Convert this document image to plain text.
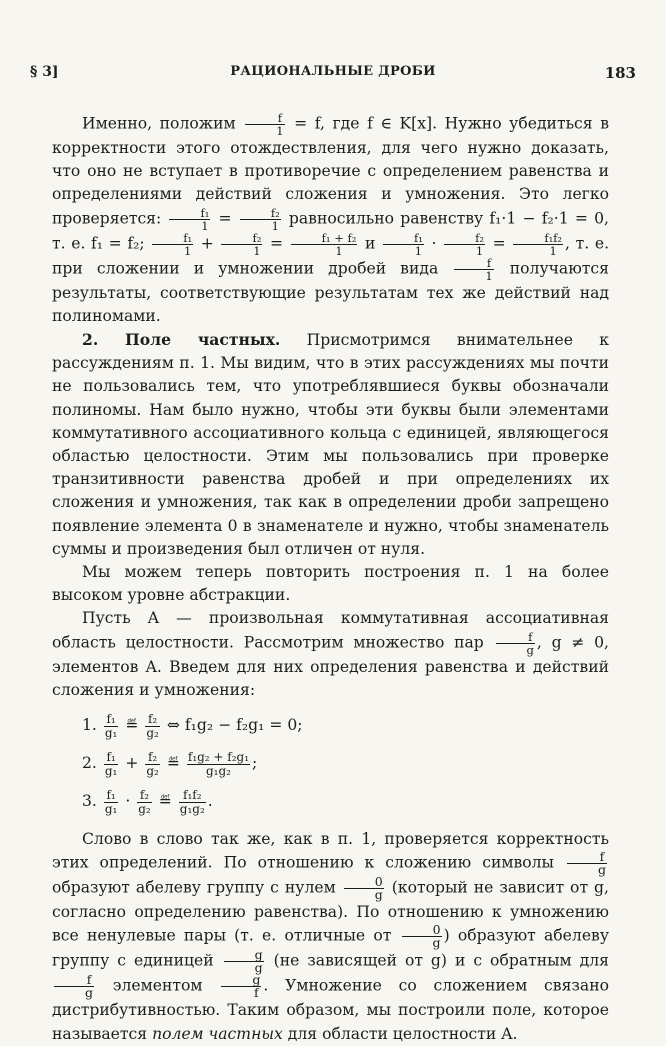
§ 3]	РАЦИОНАЛЬНЫЕ ДРОБИ	183

Именно, положим $\frac{f}{1} = f$, где f ∈ K[x]. Нужно убедиться в корректности этого отождествления, для чего нужно доказать, что оно не вступает в противоречие с определением равенства и определениями действий сложения и умножения. Это легко проверяется: $\frac{\text{f₁}}{1} = \frac{\text{f₂}}{1}$ равносильно равенству f₁·1 − f₂·1 = 0, т. е. f₁ = f₂; $\frac{\text{f₁}}{1} + \frac{\text{f₂}}{1} = \frac{\text{f₁ + f₂}}{1}$ и $\frac{\text{f₁}}{1} \cdot \frac{\text{f₂}}{1} = \frac{\text{f₁f₂}}{1}$ , т. е. при сложении и умножении дробей вида $\frac{f}{1}$ получаются результаты, соответствующие результатам тех же действий над полиномами.

2. Поле частных. Присмотримся внимательнее к рассуждениям п. 1. Мы видим, что в этих рассуждениях мы почти не пользовались тем, что употреблявшиеся буквы обозначали полиномы. Нам было нужно, чтобы эти буквы были элементами коммутативного ассоциативного кольца с единицей, являющегося областью целостности. Этим мы пользовались при проверке транзитивности равенства дробей и при определениях их сложения и умножения, так как в определении дроби запрещено появление элемента 0 в знаменателе и нужно, чтобы знаменатель суммы и произведения был отличен от нуля.

Мы можем теперь повторить построения п. 1 на более высоком уровне абстракции.

Пусть A — произвольная коммутативная ассоциативная область целостности. Рассмотрим множество пар $\frac{f}{g}$ , g ≠ 0, элементов A. Введем для них определения равенства и действий сложения и умножения:

1. $\frac{\text{f₁}}{\text{g₁}}$ ≝ $\frac{\text{f₂}}{\text{g₂}}$ ⇔ f₁g₂ − f₂g₁ = 0;
2. $\frac{\text{f₁}}{\text{g₁}} + \frac{\text{f₂}}{\text{g₂}}$ ≝ $\frac{\text{f₁g₂ + f₂g₁}}{\text{g₁g₂}}$ ;
3. $\frac{\text{f₁}}{\text{g₁}} \cdot \frac{\text{f₂}}{\text{g₂}}$ ≝ $\frac{\text{f₁f₂}}{\text{g₁g₂}}$ .

Слово в слово так же, как в п. 1, проверяется корректность этих определений. По отношению к сложению символы $\frac{f}{g}$
образуют абелеву группу с нулем $\frac{0}{g}$ (который не зависит от g, согласно определению равенства). По отношению к умножению все ненулевые пары (т. е. отличные от $\frac{0}{g}$ ) образуют абелеву группу с единицей $\frac{g}{g} (не$ зависящей от g) и с обратным для
$\frac{f}{g}$ элементом $\frac{g}{f}$ . Умножение со сложением связано дистрибутивностью. Таким образом, мы построили поле, которое называется полем частных для области целостности A.
